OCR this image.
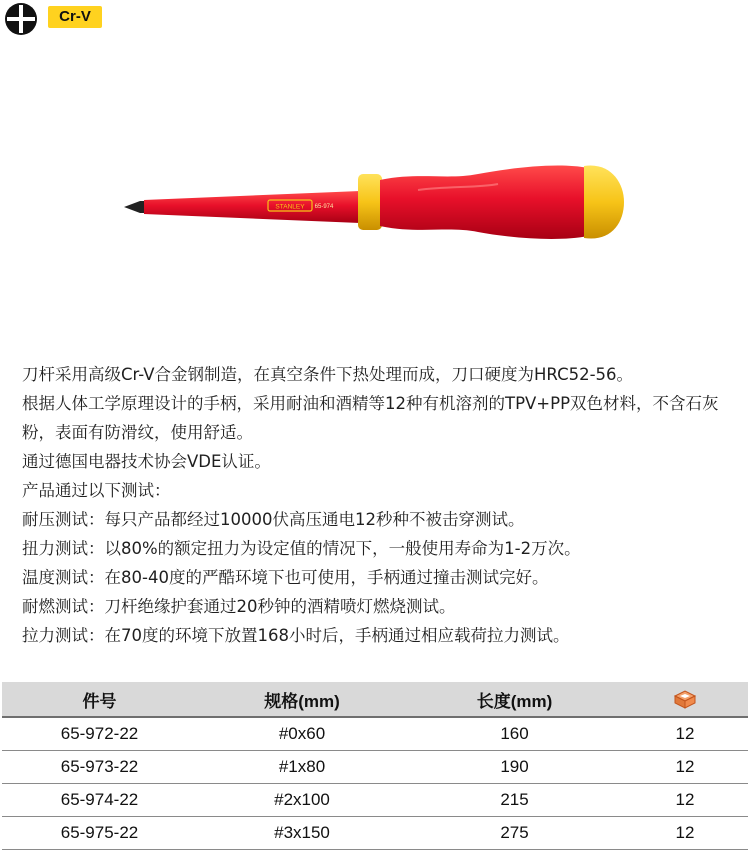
Cr-V
STANLEY 65-974

刀杆采用高级Cr-V合金钢制造，在真空条件下热处理而成，刀口硬度为HRC52-56。

根据人体工学原理设计的手柄，采用耐油和酒精等12种有机溶剂的TPV+PP双色材料，不含石灰粉，表面有防滑纹，使用舒适。

通过德国电器技术协会VDE认证。

产品通过以下测试：

耐压测试：每只产品都经过10000伏高压通电12秒种不被击穿测试。

扭力测试：以80%的额定扭力为设定值的情况下，一般使用寿命为1-2万次。

温度测试：在80-40度的严酷环境下也可使用，手柄通过撞击测试完好。

耐燃测试：刀杆绝缘护套通过20秒钟的酒精喷灯燃烧测试。

拉力测试：在70度的环境下放置168小时后，手柄通过相应载荷拉力测试。

件号	规格(mm)	长度(mm)	
65-972-22	#0x60	160	12
65-973-22	#1x80	190	12
65-974-22	#2x100	215	12
65-975-22	#3x150	275	12
